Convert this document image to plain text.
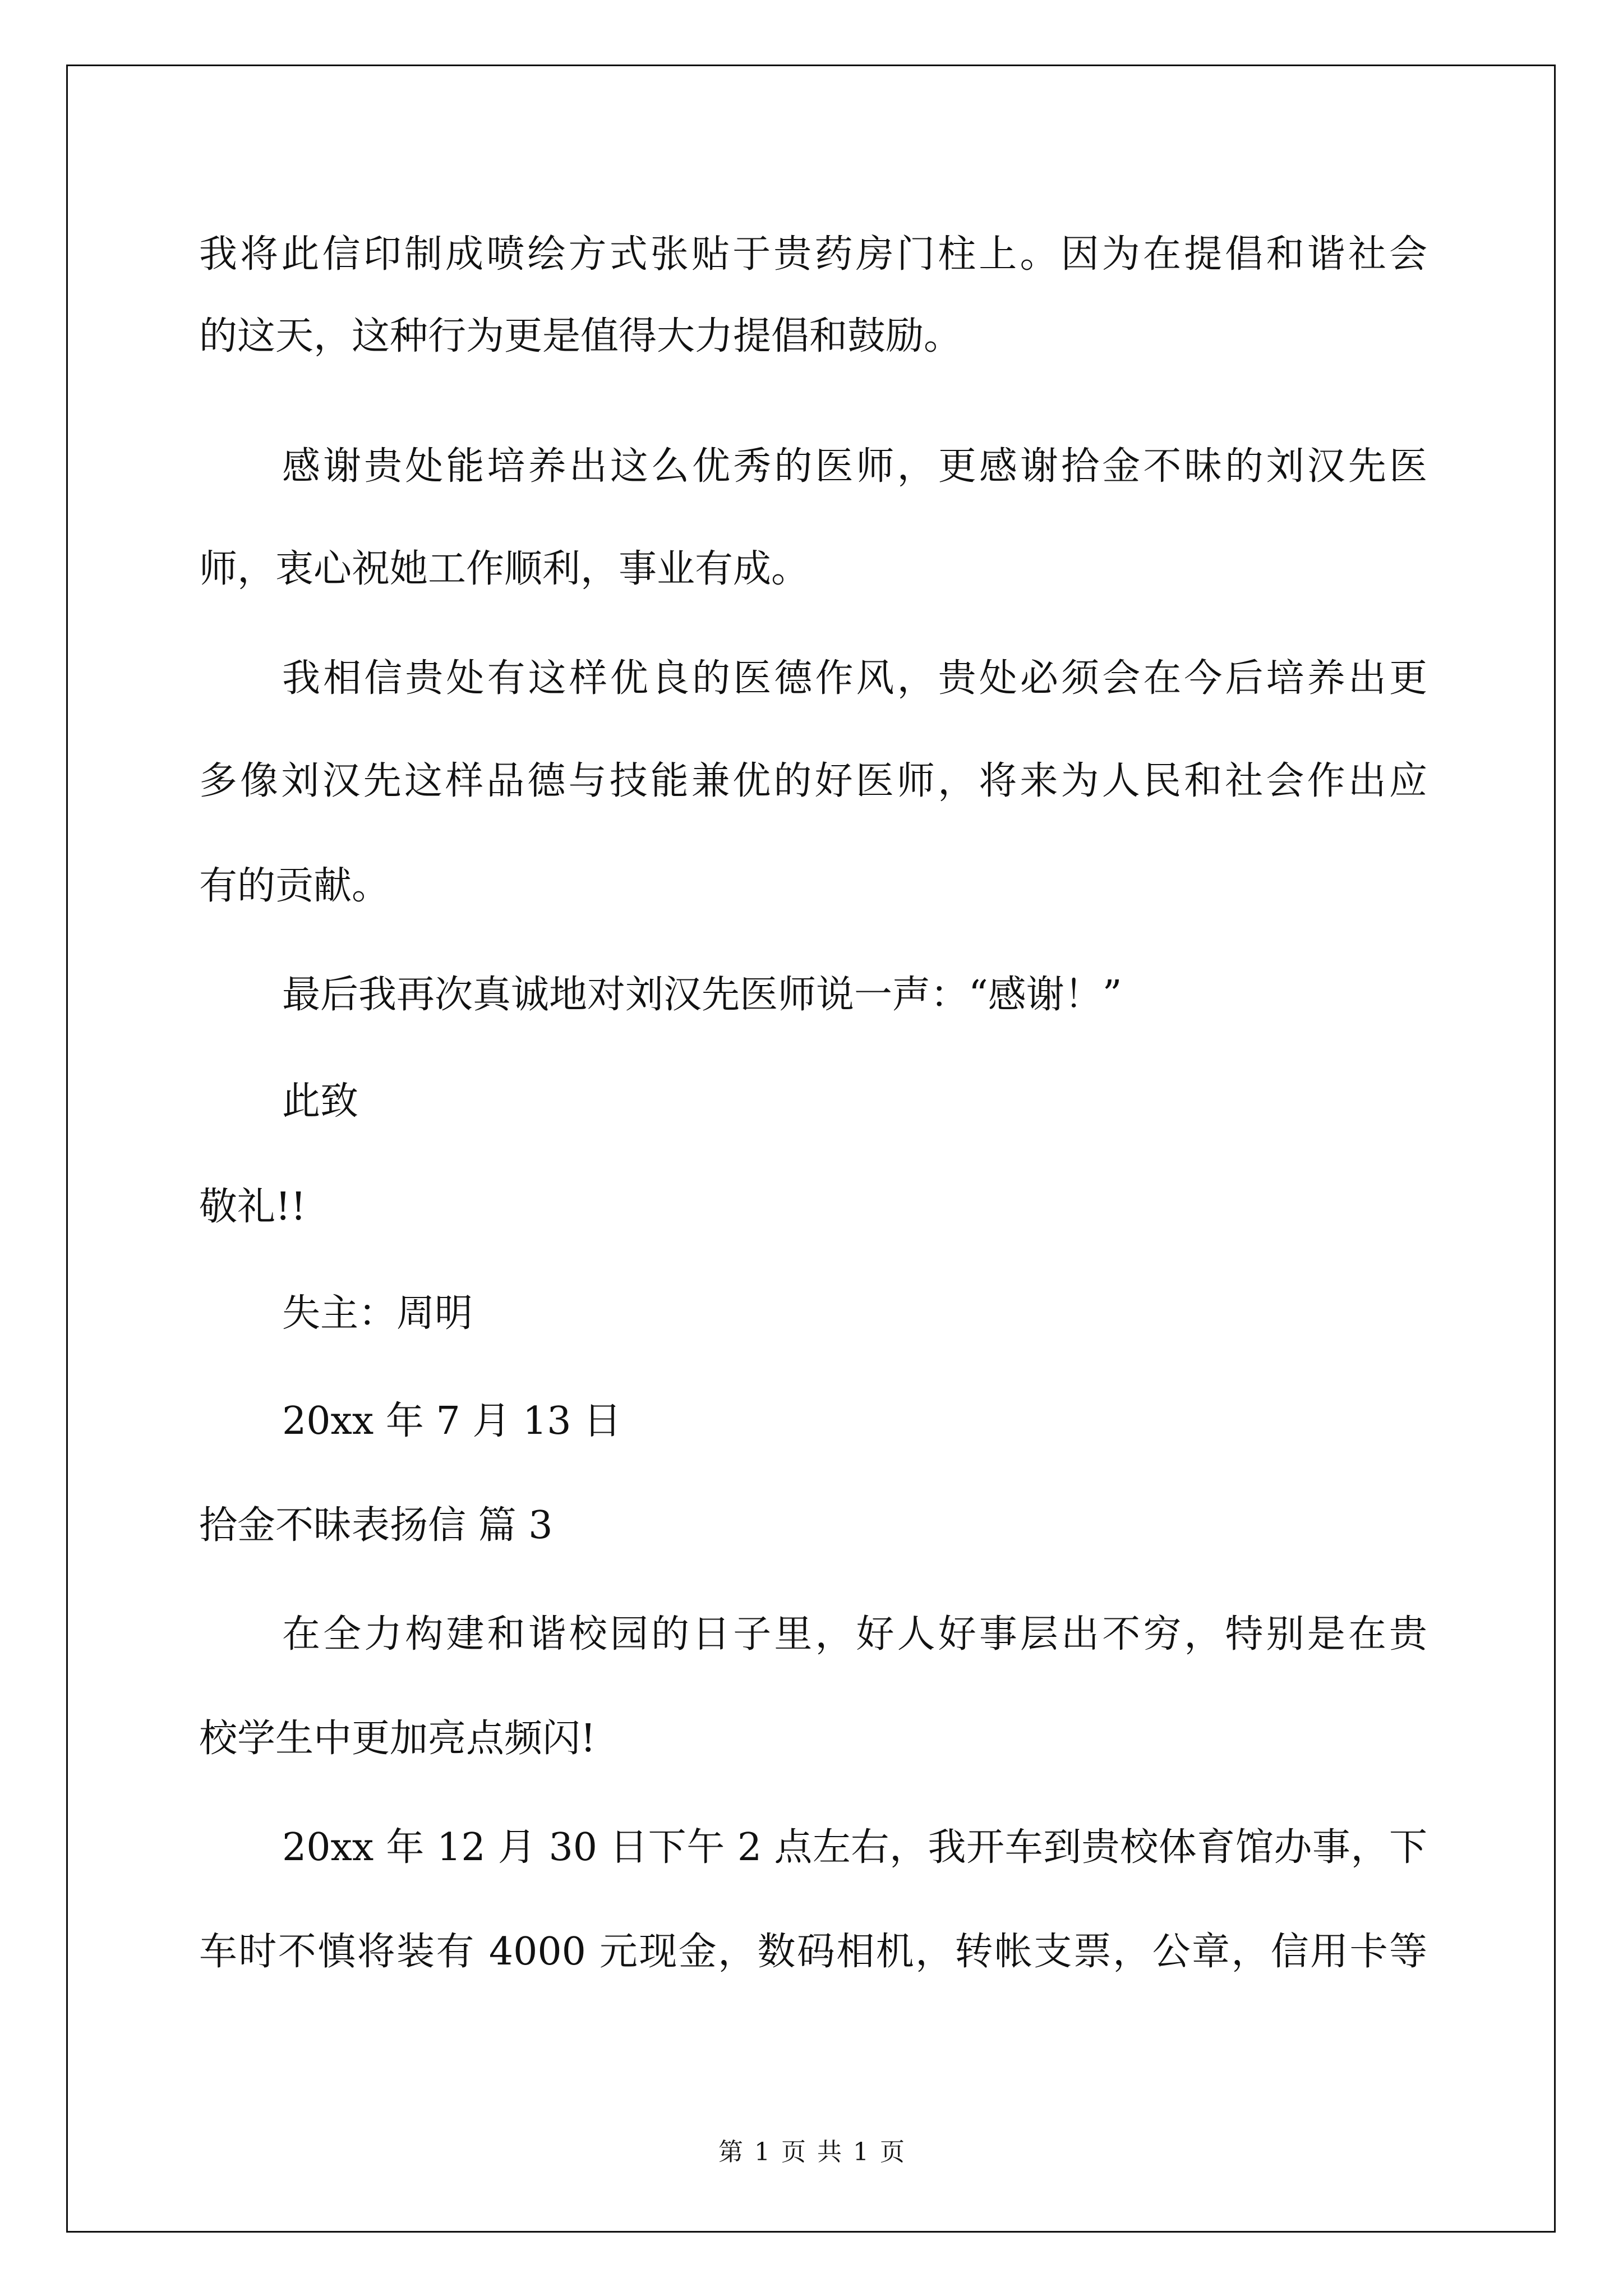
我将此信印制成喷绘方式张贴于贵药房门柱上。因为在提倡和谐社会
的这天，这种行为更是值得大力提倡和鼓励。
感谢贵处能培养出这么优秀的医师，更感谢拾金不昧的刘汉先医
师，衷心祝她工作顺利，事业有成。
我相信贵处有这样优良的医德作风，贵处必须会在今后培养出更
多像刘汉先这样品德与技能兼优的好医师，将来为人民和社会作出应
有的贡献。
最后我再次真诚地对刘汉先医师说一声：“感谢！”
此致
敬礼!!
失主：周明
20xx 年 7 月 13 日
拾金不昧表扬信 篇 3
在全力构建和谐校园的日子里，好人好事层出不穷，特别是在贵
校学生中更加亮点频闪!
20xx 年 12 月 30 日下午 2 点左右，我开车到贵校体育馆办事，下
车时不慎将装有 4000 元现金，数码相机，转帐支票，公章，信用卡等
第 1 页 共 1 页
